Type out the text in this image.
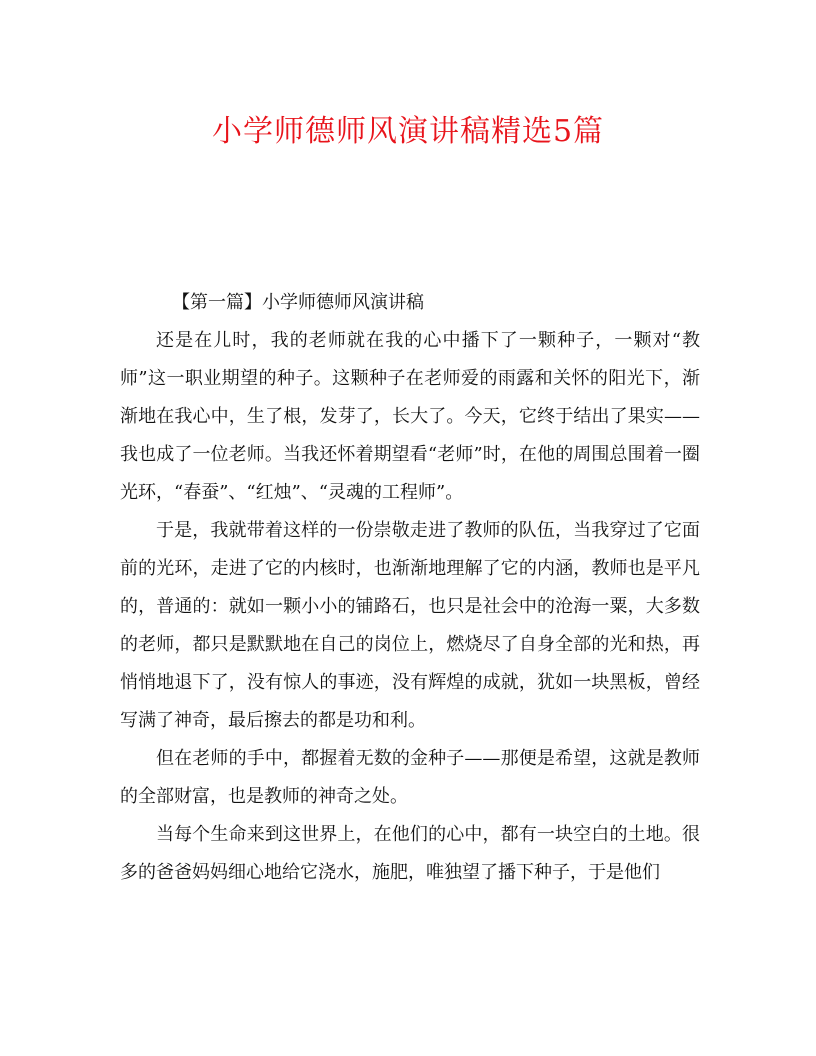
小学师德师风演讲稿精选5篇

【第一篇】小学师德师风演讲稿

还是在儿时，我的老师就在我的心中播下了一颗种子，一颗对“教师”这一职业期望的种子。这颗种子在老师爱的雨露和关怀的阳光下，渐渐地在我心中，生了根，发芽了，长大了。今天，它终于结出了果实——我也成了一位老师。当我还怀着期望看“老师”时，在他的周围总围着一圈光环，“春蚕”、“红烛”、“灵魂的工程师”。

于是，我就带着这样的一份崇敬走进了教师的队伍，当我穿过了它面前的光环，走进了它的内核时，也渐渐地理解了它的内涵，教师也是平凡的，普通的：就如一颗小小的铺路石，也只是社会中的沧海一粟，大多数的老师，都只是默默地在自己的岗位上，燃烧尽了自身全部的光和热，再悄悄地退下了，没有惊人的事迹，没有辉煌的成就，犹如一块黑板，曾经写满了神奇，最后擦去的都是功和利。

但在老师的手中，都握着无数的金种子——那便是希望，这就是教师的全部财富，也是教师的神奇之处。

当每个生命来到这世界上，在他们的心中，都有一块空白的土地。很多的爸爸妈妈细心地给它浇水，施肥，唯独望了播下种子，于是他们
